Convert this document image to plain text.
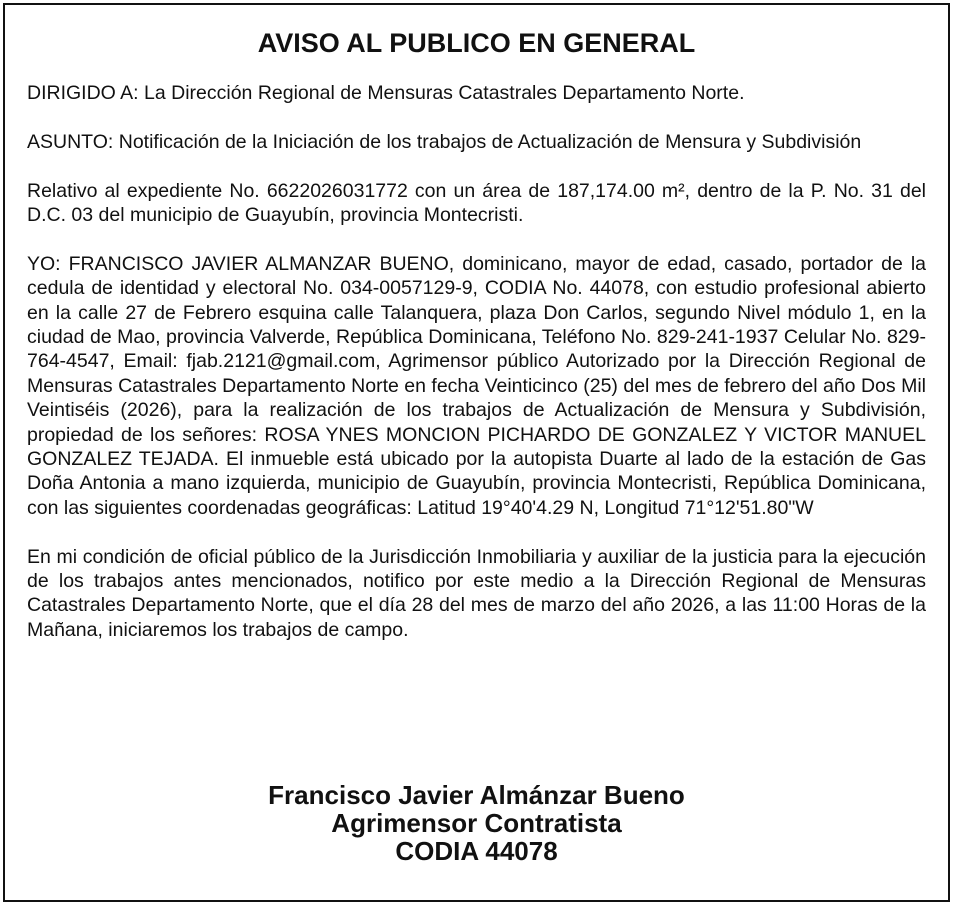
AVISO AL PUBLICO EN GENERAL

DIRIGIDO A: La Dirección Regional de Mensuras Catastrales Departamento Norte.

ASUNTO: Notificación de la Iniciación de los trabajos de Actualización de Mensura y Subdivisión

Relativo al expediente No. 6622026031772 con un área de 187,174.00 m², dentro de la P. No. 31 del D.C. 03 del municipio de Guayubín, provincia Montecristi.

YO: FRANCISCO JAVIER ALMANZAR BUENO, dominicano, mayor de edad, casado, portador de la cedula de identidad y electoral No. 034-0057129-9, CODIA No. 44078, con estudio profesional abierto en la calle 27 de Febrero esquina calle Talanquera, plaza Don Carlos, segundo Nivel módulo 1, en la ciudad de Mao, provincia Valverde, República Dominicana, Teléfono No. 829-241-1937 Celular No. 829-764-4547, Email: fjab.2121@gmail.com, Agrimensor público Autorizado por la Dirección Regional de Mensuras Catastrales Departamento Norte en fecha Veinticinco (25) del mes de febrero del año Dos Mil Veintiséis (2026), para la realización de los trabajos de Actualización de Mensura y Subdivisión, propiedad de los señores: ROSA YNES MONCION PICHARDO DE GONZALEZ Y VICTOR MANUEL GONZALEZ TEJADA. El inmueble está ubicado por la autopista Duarte al lado de la estación de Gas Doña Antonia a mano izquierda, municipio de Guayubín, provincia Montecristi, República Dominicana, con las siguientes coordenadas geográficas: Latitud 19°40'4.29 N, Longitud 71°12'51.80"W

En mi condición de oficial público de la Jurisdicción Inmobiliaria y auxiliar de la justicia para la ejecución de los trabajos antes mencionados, notifico por este medio a la Dirección Regional de Mensuras Catastrales Departamento Norte, que el día 28 del mes de marzo del año 2026, a las 11:00 Horas de la Mañana, iniciaremos los trabajos de campo.

Francisco Javier Almánzar Bueno
Agrimensor Contratista
CODIA 44078
